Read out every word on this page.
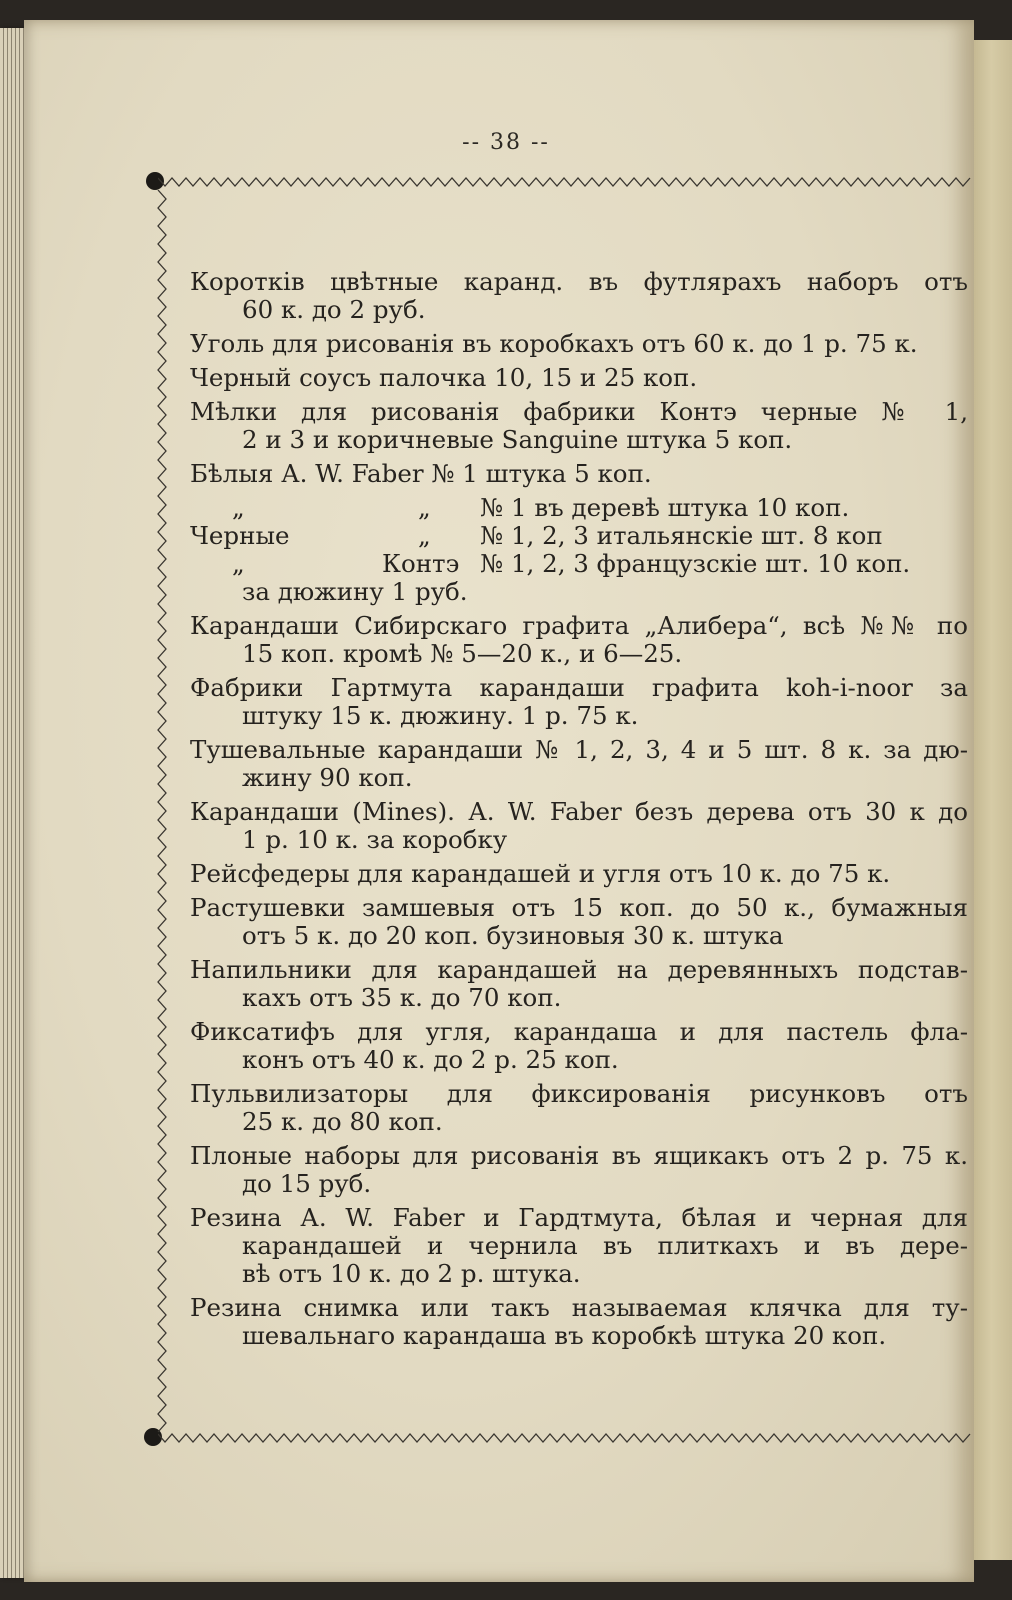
-- 38 --
Коротків цвѣтные каранд. въ футлярахъ наборъ отъ
60 к. до 2 руб.
Уголь для рисованія въ коробкахъ отъ 60 к. до 1 р. 75 к.
Черный соусъ палочка 10, 15 и 25 коп.
Мѣлки для рисованія фабрики Контэ черные № 1,
2 и 3 и коричневые Sanguine штука 5 коп.
Бѣлыя А. W. Faber № 1 штука 5 коп.
„	„ № 1 въ деревѣ штука 10 коп.
Черные	„ № 1, 2, 3 итальянскіе шт. 8 коп
„	Контэ № 1, 2, 3 французскіе шт. 10 коп.
за дюжину 1 руб.
Карандаши Сибирскаго графита „Алибера“, всѣ №№ по
15 коп. кромѣ № 5—20 к., и 6—25.
Фабрики Гартмута карандаши графита koh-i-noor за
штуку 15 к. дюжину. 1 р. 75 к.
Тушевальные карандаши № 1, 2, 3, 4 и 5 шт. 8 к. за дю-
жину 90 коп.
Карандаши (Mines). А. W. Faber безъ дерева отъ 30 к до
1 р. 10 к. за коробку
Рейсфедеры для карандашей и угля отъ 10 к. до 75 к.
Растушевки замшевыя отъ 15 коп. до 50 к., бумажныя
отъ 5 к. до 20 коп. бузиновыя 30 к. штука
Напильники для карандашей на деревянныхъ подстав-
кахъ отъ 35 к. до 70 коп.
Фиксатифъ для угля, карандаша и для пастель фла-
конъ отъ 40 к. до 2 р. 25 коп.
Пульвилизаторы для фиксированія рисунковъ отъ
25 к. до 80 коп.
Плоные наборы для рисованія въ ящикакъ отъ 2 р. 75 к.
до 15 руб.
Резина А. W. Faber и Гардтмута, бѣлая и черная для
карандашей и чернила въ плиткахъ и въ дере-
вѣ отъ 10 к. до 2 р. штука.
Резина снимка или такъ называемая клячка для ту-
шевальнаго карандаша въ коробкѣ штука 20 коп.
